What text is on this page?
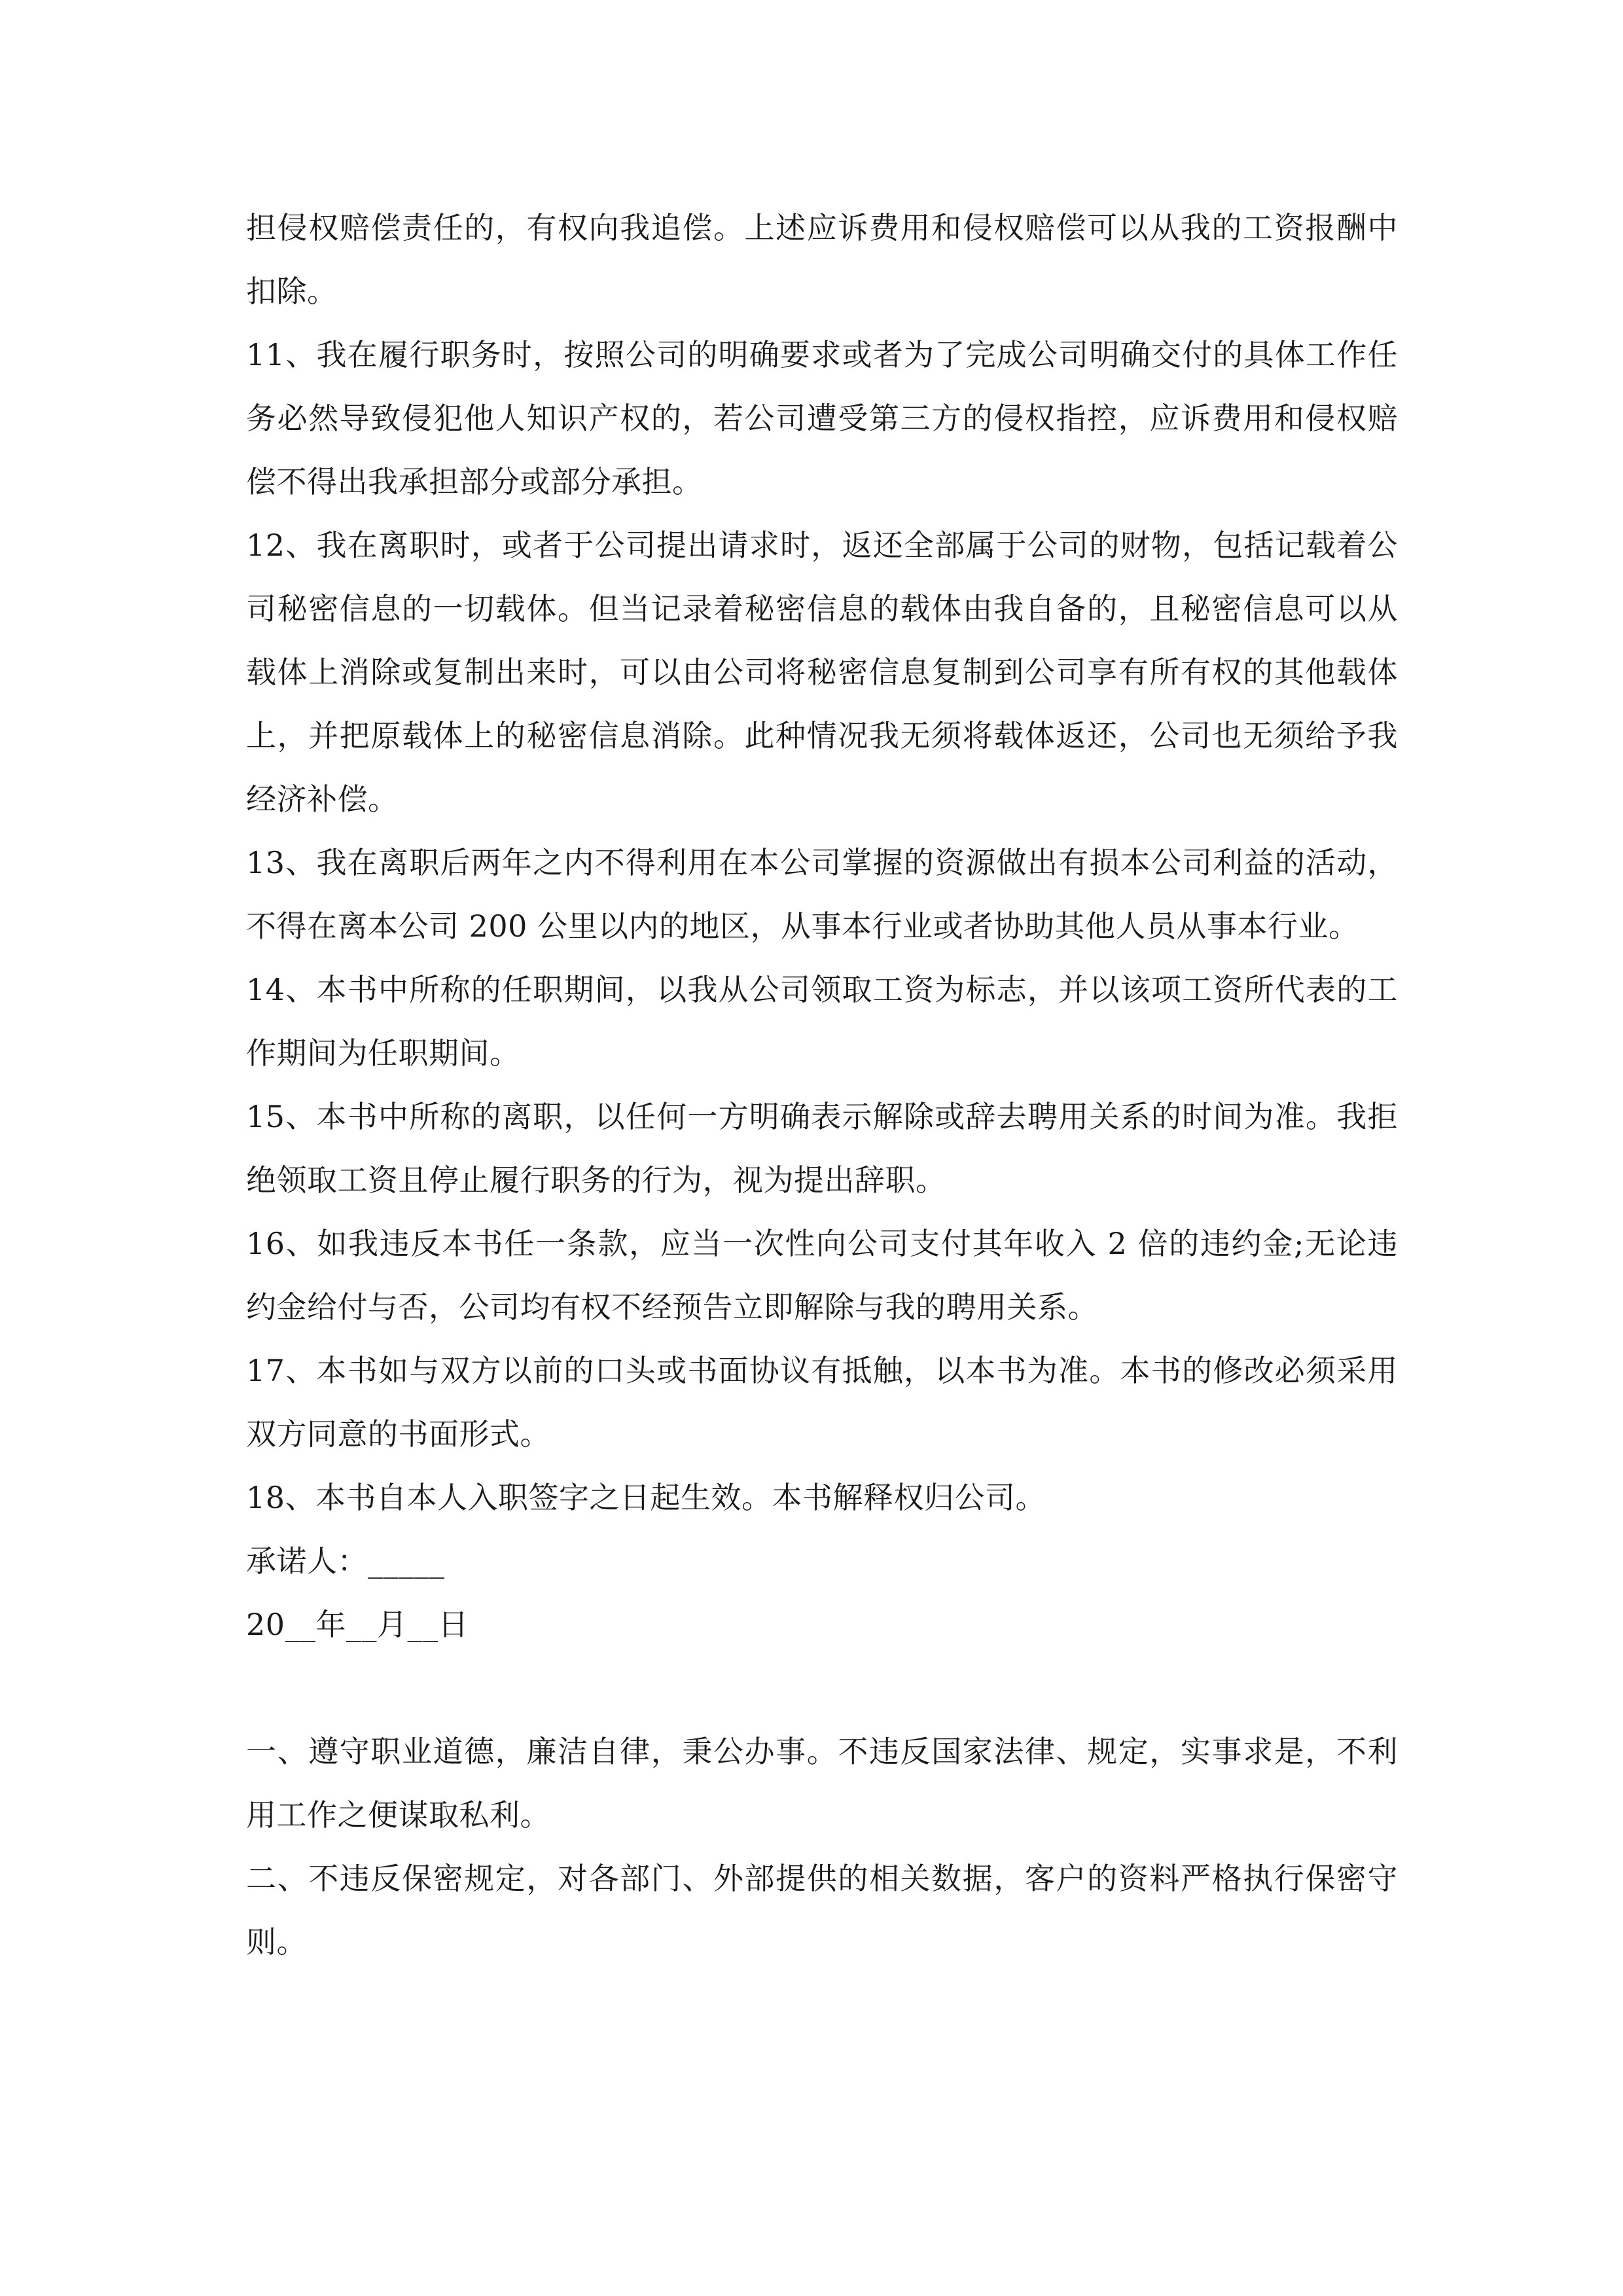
担侵权赔偿责任的，有权向我追偿。上述应诉费用和侵权赔偿可以从我的工资报酬中扣除。

11、我在履行职务时，按照公司的明确要求或者为了完成公司明确交付的具体工作任务必然导致侵犯他人知识产权的，若公司遭受第三方的侵权指控，应诉费用和侵权赔偿不得出我承担部分或部分承担。

12、我在离职时，或者于公司提出请求时，返还全部属于公司的财物，包括记载着公司秘密信息的一切载体。但当记录着秘密信息的载体由我自备的，且秘密信息可以从载体上消除或复制出来时，可以由公司将秘密信息复制到公司享有所有权的其他载体上，并把原载体上的秘密信息消除。此种情况我无须将载体返还，公司也无须给予我经济补偿。

13、我在离职后两年之内不得利用在本公司掌握的资源做出有损本公司利益的活动，不得在离本公司 200 公里以内的地区，从事本行业或者协助其他人员从事本行业。

14、本书中所称的任职期间，以我从公司领取工资为标志，并以该项工资所代表的工作期间为任职期间。

15、本书中所称的离职，以任何一方明确表示解除或辞去聘用关系的时间为准。我拒绝领取工资且停止履行职务的行为，视为提出辞职。

16、如我违反本书任一条款，应当一次性向公司支付其年收入 2 倍的违约金;无论违约金给付与否，公司均有权不经预告立即解除与我的聘用关系。

17、本书如与双方以前的口头或书面协议有抵触，以本书为准。本书的修改必须采用双方同意的书面形式。

18、本书自本人入职签字之日起生效。本书解释权归公司。

承诺人：_____

20__年__月__日

一、遵守职业道德，廉洁自律，秉公办事。不违反国家法律、规定，实事求是，不利用工作之便谋取私利。

二、不违反保密规定，对各部门、外部提供的相关数据，客户的资料严格执行保密守则。
